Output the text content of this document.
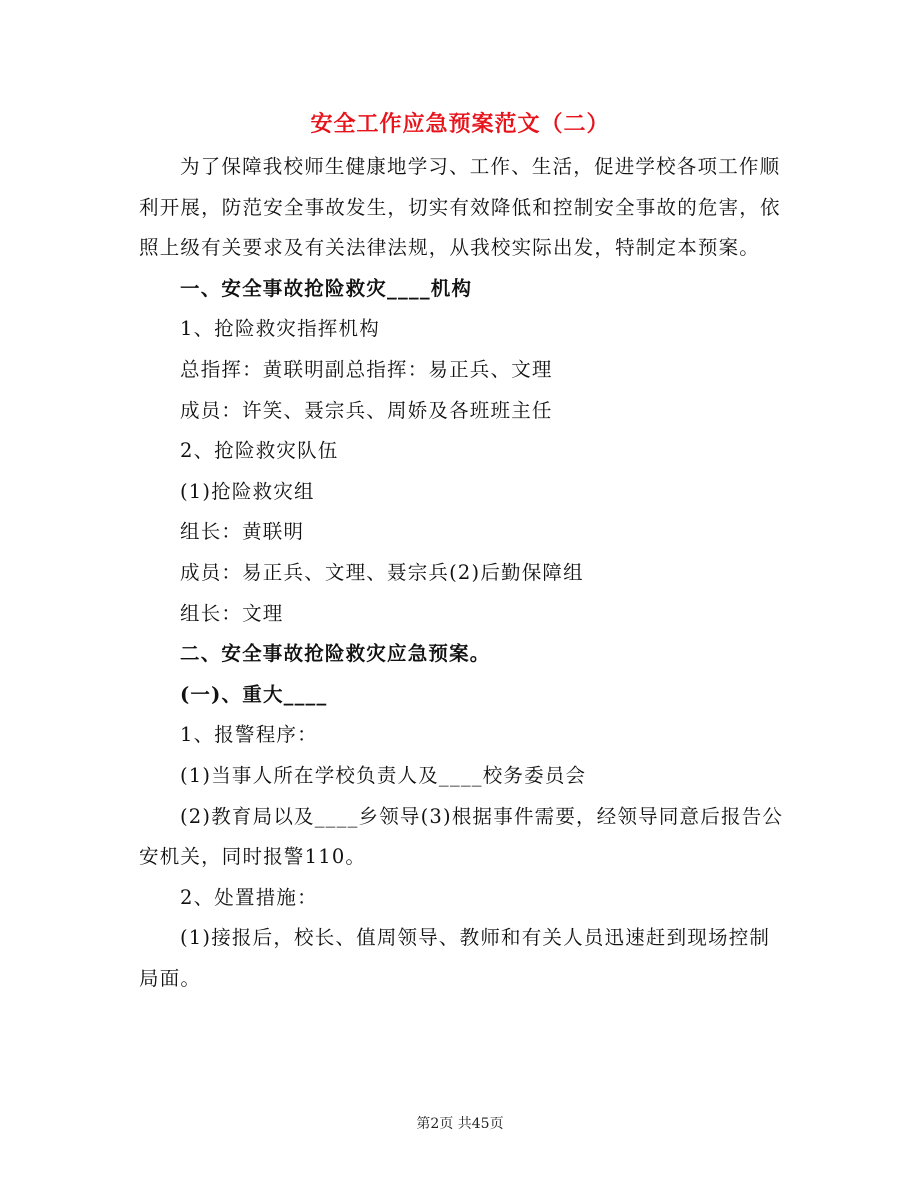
安全工作应急预案范文（二）

为了保障我校师生健康地学习、工作、生活，促进学校各项工作顺利开展，防范安全事故发生，切实有效降低和控制安全事故的危害，依照上级有关要求及有关法律法规，从我校实际出发，特制定本预案。

一、安全事故抢险救灾____机构

1、抢险救灾指挥机构

总指挥：黄联明副总指挥：易正兵、文理

成员：许笑、聂宗兵、周娇及各班班主任

2、抢险救灾队伍

(1)抢险救灾组

组长：黄联明

成员：易正兵、文理、聂宗兵(2)后勤保障组

组长：文理

二、安全事故抢险救灾应急预案。

(一)、重大____

1、报警程序：

(1)当事人所在学校负责人及____校务委员会

(2)教育局以及____乡领导(3)根据事件需要，经领导同意后报告公安机关，同时报警110。

2、处置措施：

(1)接报后，校长、值周领导、教师和有关人员迅速赶到现场控制局面。

第2页 共45页
